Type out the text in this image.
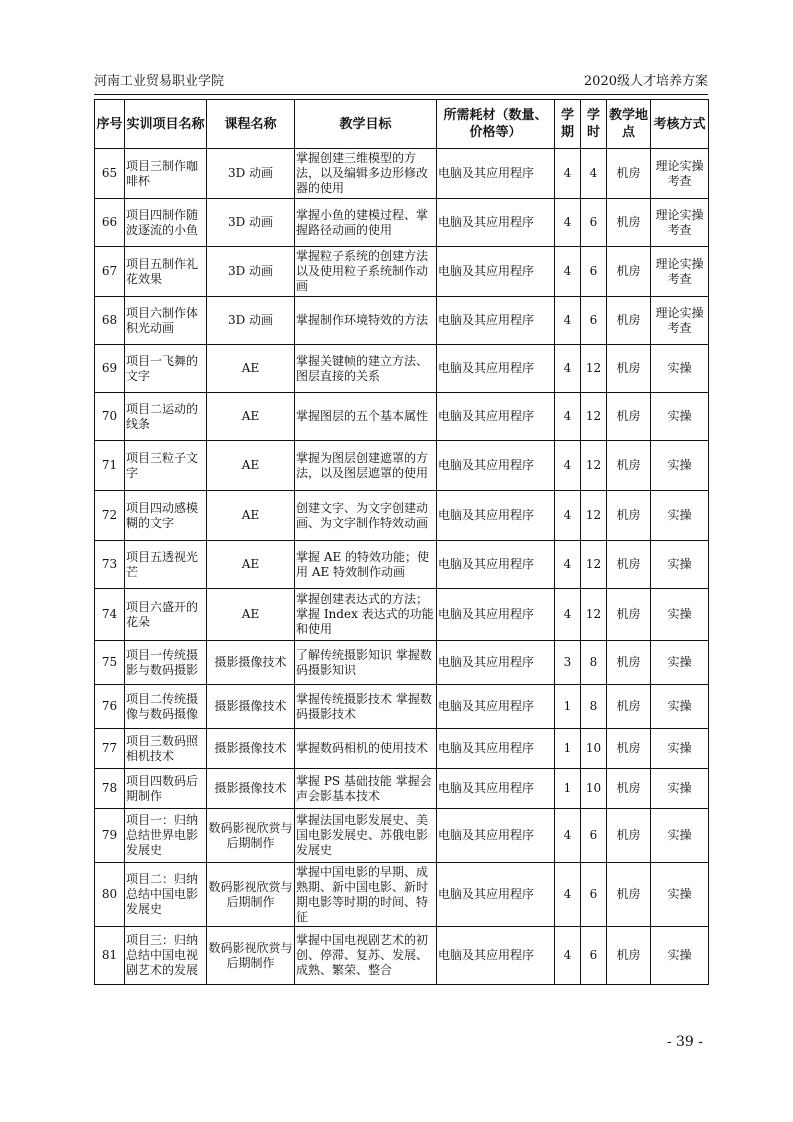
河南工业贸易职业学院	2020级人才培养方案
序号	实训项目名称	课程名称	教学目标	所需耗材（数量、价格等）	学期	学时	教学地点	考核方式
65	项目三制作咖啡杯	3D 动画	掌握创建三维模型的方法，以及编辑多边形修改器的使用	电脑及其应用程序	4	4	机房	理论实操考查
66	项目四制作随波逐流的小鱼	3D 动画	掌握小鱼的建模过程、掌握路径动画的使用	电脑及其应用程序	4	6	机房	理论实操考查
67	项目五制作礼花效果	3D 动画	掌握粒子系统的创建方法以及使用粒子系统制作动画	电脑及其应用程序	4	6	机房	理论实操考查
68	项目六制作体积光动画	3D 动画	掌握制作环境特效的方法	电脑及其应用程序	4	6	机房	理论实操考查
69	项目一飞舞的文字	AE	掌握关键帧的建立方法、图层直接的关系	电脑及其应用程序	4	12	机房	实操
70	项目二运动的线条	AE	掌握图层的五个基本属性	电脑及其应用程序	4	12	机房	实操
71	项目三粒子文字	AE	掌握为图层创建遮罩的方法，以及图层遮罩的使用	电脑及其应用程序	4	12	机房	实操
72	项目四动感模糊的文字	AE	创建文字、为文字创建动画、为文字制作特效动画	电脑及其应用程序	4	12	机房	实操
73	项目五透视光芒	AE	掌握 AE 的特效功能；使用 AE 特效制作动画	电脑及其应用程序	4	12	机房	实操
74	项目六盛开的花朵	AE	掌握创建表达式的方法；掌握 Index 表达式的功能和使用	电脑及其应用程序	4	12	机房	实操
75	项目一传统摄影与数码摄影	摄影摄像技术	了解传统摄影知识 掌握数码摄影知识	电脑及其应用程序	3	8	机房	实操
76	项目二传统摄像与数码摄像	摄影摄像技术	掌握传统摄影技术 掌握数码摄影技术	电脑及其应用程序	1	8	机房	实操
77	项目三数码照相机技术	摄影摄像技术	掌握数码相机的使用技术	电脑及其应用程序	1	10	机房	实操
78	项目四数码后期制作	摄影摄像技术	掌握 PS 基础技能 掌握会声会影基本技术	电脑及其应用程序	1	10	机房	实操
79	项目一：归纳总结世界电影发展史	数码影视欣赏与后期制作	掌握法国电影发展史、美国电影发展史、苏俄电影发展史	电脑及其应用程序	4	6	机房	实操
80	项目二：归纳总结中国电影发展史	数码影视欣赏与后期制作	掌握中国电影的早期、成熟期、新中国电影、新时期电影等时期的时间、特征	电脑及其应用程序	4	6	机房	实操
81	项目三：归纳总结中国电视剧艺术的发展	数码影视欣赏与后期制作	掌握中国电视剧艺术的初创、停滞、复苏、发展、成熟、繁荣、整合	电脑及其应用程序	4	6	机房	实操
- 39 -
